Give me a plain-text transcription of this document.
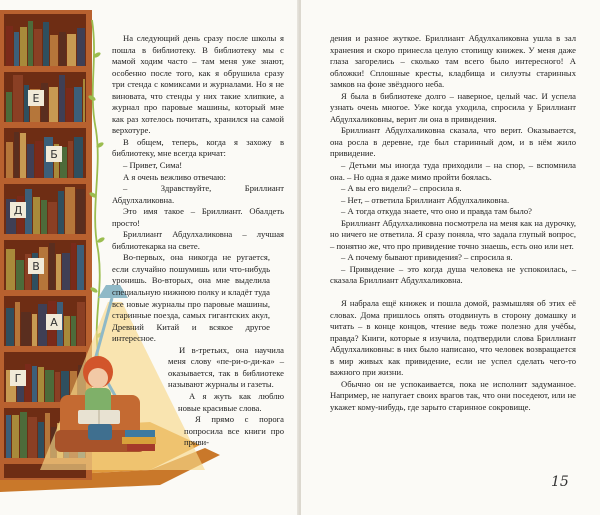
Е
Б
Д
В
А
Г

На следующий день сразу после школы я пошла в библиотеку. В библиотеку мы с мамой ходим часто – там меня уже знают, особенно после того, как я обрушила сразу три стенда с комиксами и журналами. Но я не виновата, что стенды у них такие хлипкие, а журнал про паровые машины, который мне как раз хотелось почитать, хранился на самой верхотуре.

В общем, теперь, когда я захожу в библиотеку, мне всегда кричат:

– Привет, Сима!

А я очень вежливо отвечаю:

– Здравствуйте, Бриллиант Абдулхаликовна.

Это имя такое – Бриллиант. Обалдеть просто!

Бриллиант Абдулхаликовна – лучшая библиотекарка на свете.

Во-первых, она никогда не ругается, если случайно пошумишь или что-нибудь уронишь. Во-вторых, она мне выделила специальную нижнюю полку и кладёт туда все новые журналы про паровые машины, старинные поезда, самых гигантских акул, Древний Китай и всякое другое интересное.

И в-третьих, она научила меня слову «пе-ри-о-ди-ка» – оказывается, так в библиотеке называют журналы и газеты.

А я жуть как люблю новые красивые слова.

Я прямо с порога попросила все книги про приви-

дения и разное жуткое. Бриллиант Абдулхаликовна ушла в зал хранения и скоро принесла целую стопищу книжек. У меня даже глаза загорелись – сколько там всего было интересного! А обложки! Сплошные кресты, кладбища и силуэты старинных замков на фоне звёздного неба.

Я была в библиотеке долго – наверное, целый час. И успела узнать очень многое. Уже когда уходила, спросила у Бриллиант Абдулхаликовны, верит ли она в привидения.

Бриллиант Абдулхаликовна сказала, что верит. Оказывается, она росла в деревне, где был старинный дом, и в нём жило привидение.

– Детьми мы иногда туда приходили – на спор, – вспомнила она. – Но одна я даже мимо пройти боялась.

– А вы его видели? – спросила я.

– Нет, – ответила Бриллиант Абдулхаликовна.

– А тогда откуда знаете, что оно и правда там было?

Бриллиант Абдулхаликовна посмотрела на меня как на дурочку, но ничего не ответила. Я сразу поняла, что задала глупый вопрос, – понятно же, что про привидение точно знаешь, есть оно или нет.

– А почему бывают привидения? – спросила я.

– Привидение – это когда душа человека не успокоилась, – сказала Бриллиант Абдулхаликовна.

Я набрала ещё книжек и пошла домой, размышляя об этих её словах. Дома пришлось опять отодвинуть в сторону домашку и читать – в конце концов, чтение ведь тоже полезно для учёбы, правда? Книги, которые я изучила, подтвердили слова Бриллиант Абдулхаликовны: в них было написано, что человек возвращается в мир живых как привидение, если не успел сделать чего-то важного при жизни.

Обычно он не успокаивается, пока не исполнит задуманное. Например, не напугает своих врагов так, что они поседеют, или не укажет кому-нибудь, где зарыто старинное сокровище.

15
